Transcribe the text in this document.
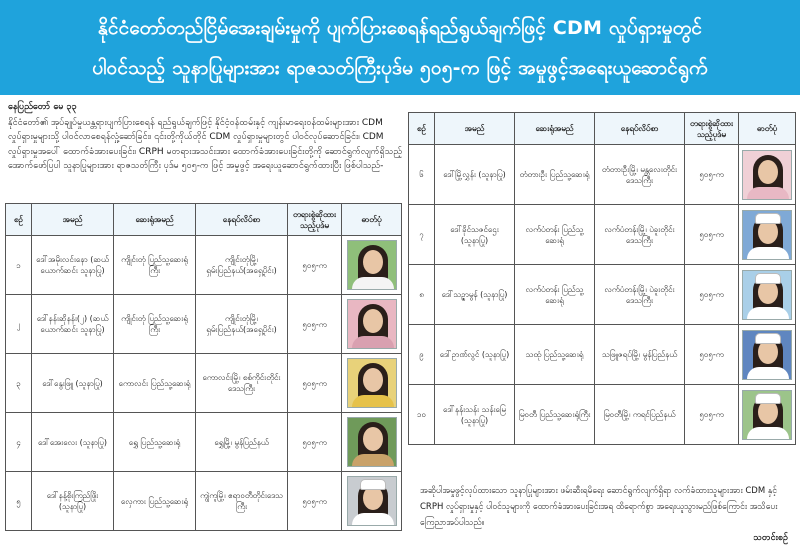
နိုင်ငံတော်တည်ငြိမ်အေးချမ်းမှုကို ပျက်ပြားစေရန်ရည်ရွယ်ချက်ဖြင့် CDM လှုပ်ရှားမှုတွင်
ပါဝင်သည့် သူနာပြုများအား ရာဇသတ်ကြီးပုဒ်မ ၅၀၅-က ဖြင့် အမှုဖွင့်အရေးယူဆောင်ရွက်
နေပြည်တော် မေ ၃၃
နိုင်ငံတော်၏ အုပ်ချုပ်မှုယန္တရားပျက်ပြားစေရန် ရည်ရွယ်ချက်ဖြင့် နိုင်ငံ့ဝန်ထမ်းနှင့် ကျန်းမာရေးဝန်ထမ်းများအား CDM လှုပ်ရှားမှုများသို့ ပါဝင်လာစေရန်လှုံ့ဆော်ခြင်း၊ ၎င်းတို့ကိုယ်တိုင် CDM လှုပ်ရှားမှုများတွင် ပါဝင်လုပ်ဆောင်ခြင်း၊ CDM လှုပ်ရှားမှုအပေါ် ထောက်ခံအားပေးခြင်း၊ CRPH မတရားအသင်းအား ထောက်ခံအားပေးခြင်းတို့ကို ဆောင်ရွက်လျက်ရှိသည့် အောက်ဖော်ပြပါ သူနာပြုများအား ရာဇသတ်ကြီး ပုဒ်မ ၅၀၅-က ဖြင့် အမှုဖွင့် အရေးယူဆောင်ရွက်ထားပြီး ဖြစ်ပါသည်-
စဉ်	အမည်	ဆေးရုံအမည်	နေရပ်လိပ်စာ	တရားစွဲဆိုထားသည့်ပုဒ်မ	ဓာတ်ပုံ
၁	ဒေါ်အမိုးလင်းနော (ဆယ်ယောက်ဆင်း သူနာပြု)	ကျိုင်းတုံ ပြည်သူ့ဆေးရုံကြီး	ကျိုင်းတုံမြို့၊ ရှမ်းပြည်နယ်(အရှေ့ပိုင်း)	၅၀၅-က	

၂	ဒေါ်နန်းဆိုနန်း(၂) (ဆယ်ယောက်ဆင်း သူနာပြု)	ကျိုင်းတုံ ပြည်သူ့ဆေးရုံကြီး	ကျိုင်းတုံမြို့၊ ရှမ်းပြည်နယ်(အရှေ့ပိုင်း)	၅၀၅-က	

၃	ဒေါ်နွေးဖြူ (သူနာပြု)	ကောလင်း ပြည်သူ့ဆေးရုံ	ကောလင်းမြို့၊ စစ်ကိုင်းတိုင်းဒေသကြီး	၅၀၅-က	

၄	ဒေါ်အေးလေး (သူနာပြု)	ရွှေ ပြည်သူ့ဆေးရုံ	ရွှေမြို့၊ မွန်ပြည်နယ်	၅၀၅-က	

၅	ဒေါ်နန့်စိုးကြည်ဖြိုး (သူနာပြု)	လှေကား ပြည်သူ့ဆေးရုံ	ကျွဲကူမြို့၊ ဧရာဝတီတိုင်းဒေသကြီး	၅၀၅-က	
စဉ်	အမည်	ဆေးရုံအမည်	နေရပ်လိပ်စာ	တရားစွဲဆိုထားသည့်ပုဒ်မ	ဓာတ်ပုံ
၆	ဒေါ်မြို့လွှန်း (သူနာပြု)	တံတားဦး ပြည်သူ့ဆေးရုံ	တံတားဦးမြို့၊ မန္တလေးတိုင်းဒေသကြီး	၅၀၅-က	

၇	ဒေါ်ခိုင်သဇင်ဌေး (သူနာပြု)	လက်ပံတန်း ပြည်သူ့ဆေးရုံ	လက်ပံတန်းမြို့၊ ပဲခူးတိုင်းဒေသကြီး	၅၀၅-က	

၈	ဒေါ်သဉ္ဇာမွန် (သူနာပြု)	လက်ပံတန်း ပြည်သူ့ဆေးရုံ	လက်ပံတန်းမြို့၊ ပဲခူးတိုင်းဒေသကြီး	၅၀၅-က	

၉	ဒေါ်ဥာဏ်လွင် (သူနာပြု)	သထုံ ပြည်သူ့ဆေးရုံ	သဖြူဇရပ်မြို့၊ မွန်ပြည်နယ်	၅၀၅-က	

၁၀	ဒေါ်နန်းသန်း သန်းမြေ (သူနာပြု)	မြဝတီ ပြည်သူ့ဆေးရုံကြီး	မြဝတီမြို့၊ ကရင်ပြည်နယ်	၅၀၅-က	
အဆိုပါအမှုဖွင့်လုပ်ထားသော သူနာပြုများအား ဖမ်းဆီးရမိရေး ဆောင်ရွက်လျက်ရှိရာ လက်ခံထားသူများအား CDM နှင့် CRPH လှုပ်ရှားမှုနှင့် ပါဝင်သူများကို ထောက်ခံအားပေးခြင်းအရ ထိရောက်စွာ အရေးယူသွားမည်ဖြစ်ကြောင်း အသိပေး ကြေညာအပ်ပါသည်။
သတင်းစဉ်
